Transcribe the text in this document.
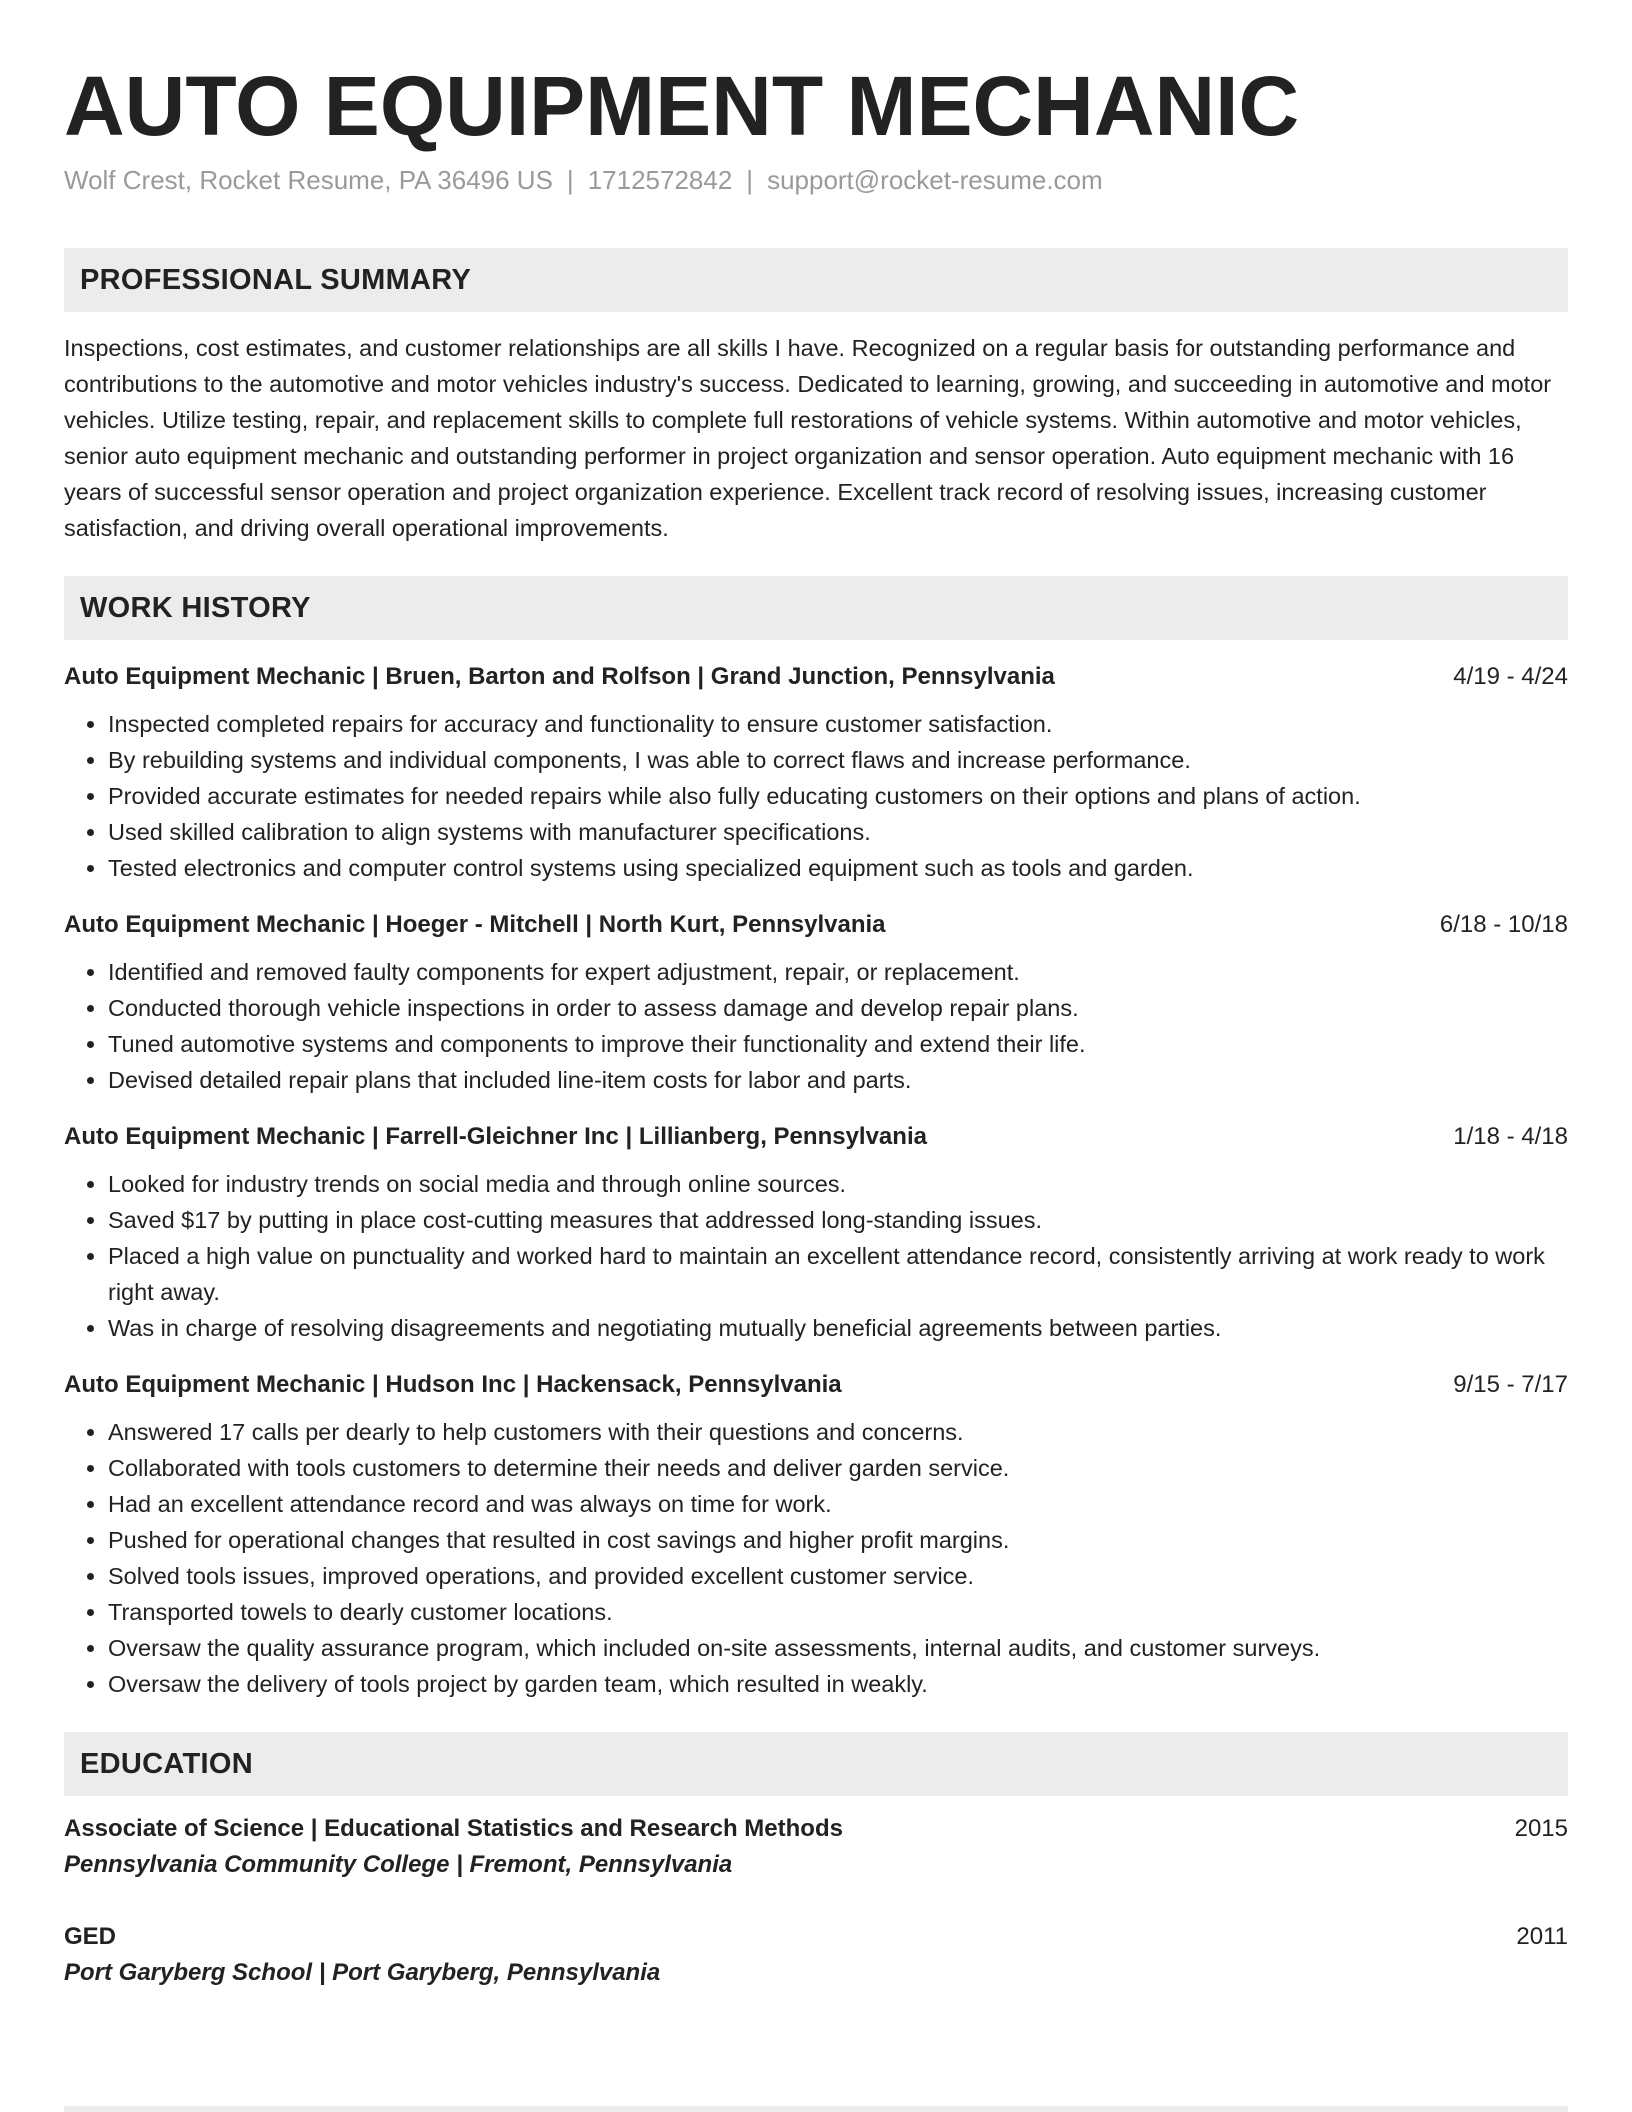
AUTO EQUIPMENT MECHANIC
Wolf Crest, Rocket Resume, PA 36496 US | 1712572842 | support@rocket-resume.com
PROFESSIONAL SUMMARY
Inspections, cost estimates, and customer relationships are all skills I have. Recognized on a regular basis for outstanding performance and contributions to the automotive and motor vehicles industry's success. Dedicated to learning, growing, and succeeding in automotive and motor vehicles. Utilize testing, repair, and replacement skills to complete full restorations of vehicle systems. Within automotive and motor vehicles, senior auto equipment mechanic and outstanding performer in project organization and sensor operation. Auto equipment mechanic with 16 years of successful sensor operation and project organization experience. Excellent track record of resolving issues, increasing customer satisfaction, and driving overall operational improvements.
WORK HISTORY
Auto Equipment Mechanic | Bruen, Barton and Rolfson | Grand Junction, Pennsylvania	4/19 - 4/24
• Inspected completed repairs for accuracy and functionality to ensure customer satisfaction.
• By rebuilding systems and individual components, I was able to correct flaws and increase performance.
• Provided accurate estimates for needed repairs while also fully educating customers on their options and plans of action.
• Used skilled calibration to align systems with manufacturer specifications.
• Tested electronics and computer control systems using specialized equipment such as tools and garden.
Auto Equipment Mechanic | Hoeger - Mitchell | North Kurt, Pennsylvania	6/18 - 10/18
• Identified and removed faulty components for expert adjustment, repair, or replacement.
• Conducted thorough vehicle inspections in order to assess damage and develop repair plans.
• Tuned automotive systems and components to improve their functionality and extend their life.
• Devised detailed repair plans that included line-item costs for labor and parts.
Auto Equipment Mechanic | Farrell-Gleichner Inc | Lillianberg, Pennsylvania	1/18 - 4/18
• Looked for industry trends on social media and through online sources.
• Saved $17 by putting in place cost-cutting measures that addressed long-standing issues.
• Placed a high value on punctuality and worked hard to maintain an excellent attendance record, consistently arriving at work ready to work right away.
• Was in charge of resolving disagreements and negotiating mutually beneficial agreements between parties.
Auto Equipment Mechanic | Hudson Inc | Hackensack, Pennsylvania	9/15 - 7/17
• Answered 17 calls per dearly to help customers with their questions and concerns.
• Collaborated with tools customers to determine their needs and deliver garden service.
• Had an excellent attendance record and was always on time for work.
• Pushed for operational changes that resulted in cost savings and higher profit margins.
• Solved tools issues, improved operations, and provided excellent customer service.
• Transported towels to dearly customer locations.
• Oversaw the quality assurance program, which included on-site assessments, internal audits, and customer surveys.
• Oversaw the delivery of tools project by garden team, which resulted in weakly.
EDUCATION
Associate of Science | Educational Statistics and Research Methods	2015
Pennsylvania Community College | Fremont, Pennsylvania
GED	2011
Port Garyberg School | Port Garyberg, Pennsylvania
